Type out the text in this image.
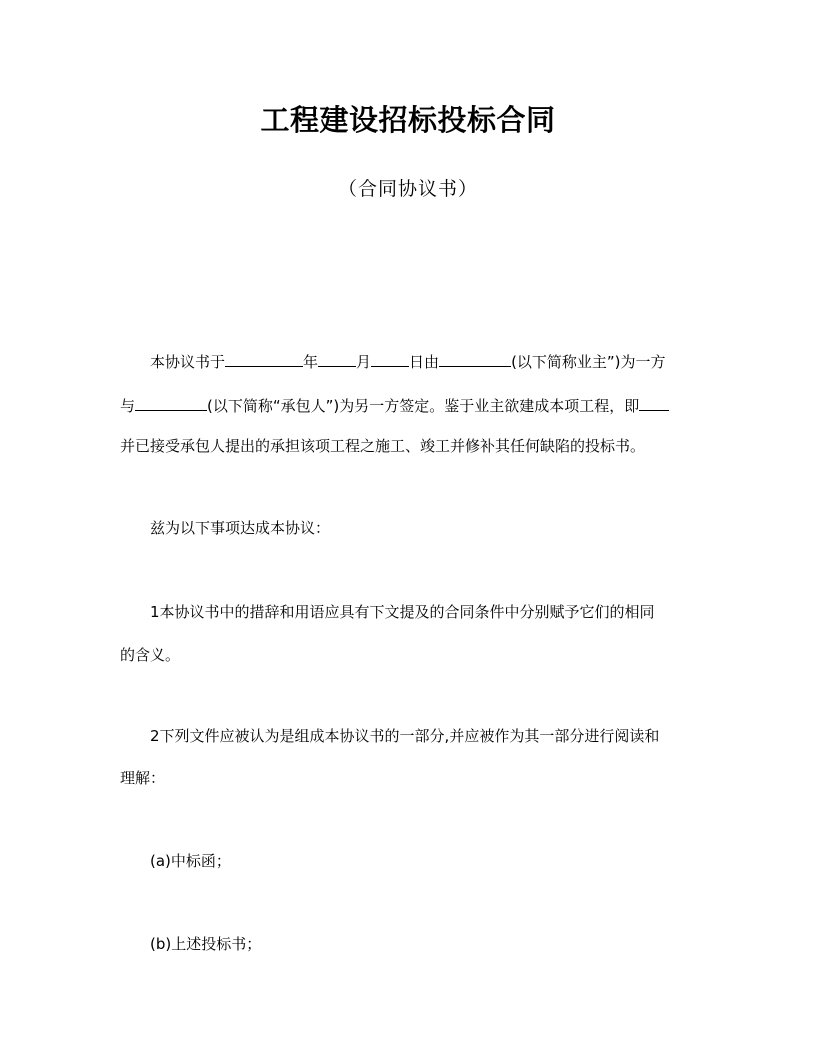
工程建设招标投标合同
（合同协议书）
本协议书于	年	月	日由	(以下简称业主”)为一方
与	(以下简称“承包人”)为另一方签定。鉴于业主欲建成本项工程，即
并已接受承包人提出的承担该项工程之施工、竣工并修补其任何缺陷的投标书。
兹为以下事项达成本协议：
1本协议书中的措辞和用语应具有下文提及的合同条件中分别赋予它们的相同
的含义。
2下列文件应被认为是组成本协议书的一部分,并应被作为其一部分进行阅读和
理解：
(a)中标函；
(b)上述投标书；
